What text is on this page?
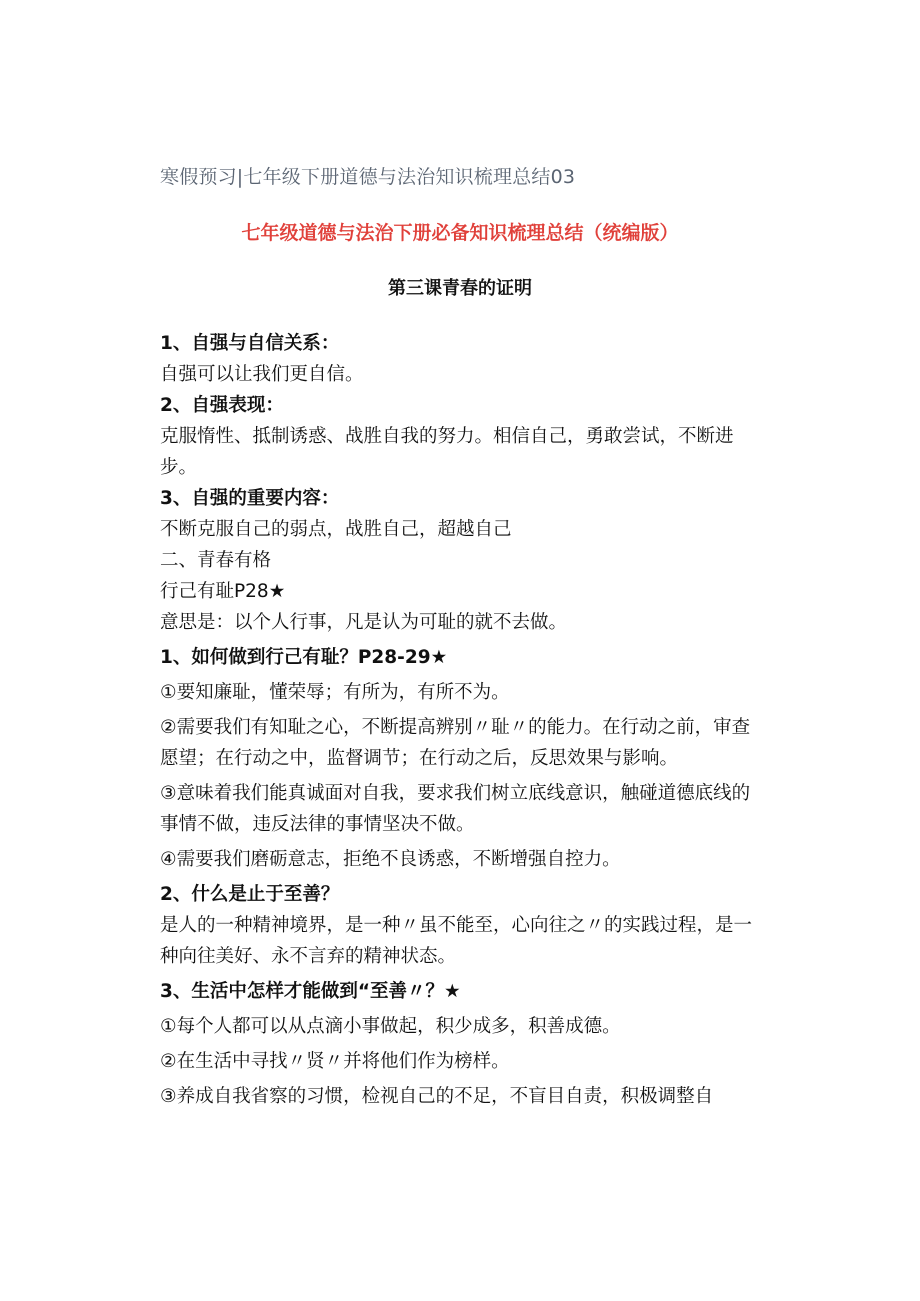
寒假预习|七年级下册道德与法治知识梳理总结03
七年级道德与法治下册必备知识梳理总结（统编版）
第三课青春的证明
1、自强与自信关系：
自强可以让我们更自信。
2、自强表现：
克服惰性、抵制诱惑、战胜自我的努力。相信自己，勇敢尝试，不断进步。
3、自强的重要内容：
不断克服自己的弱点，战胜自己，超越自己
二、青春有格
行己有耻P28★
意思是：以个人行事，凡是认为可耻的就不去做。
1、如何做到行己有耻？P28-29★
①要知廉耻，懂荣辱；有所为，有所不为。
②需要我们有知耻之心，不断提高辨别〃耻〃的能力。在行动之前，审查愿望；在行动之中，监督调节；在行动之后，反思效果与影响。
③意味着我们能真诚面对自我，要求我们树立底线意识，触碰道德底线的事情不做，违反法律的事情坚决不做。
④需要我们磨砺意志，拒绝不良诱惑，不断增强自控力。
2、什么是止于至善？
是人的一种精神境界，是一种〃虽不能至，心向往之〃的实践过程，是一种向往美好、永不言弃的精神状态。
3、生活中怎样才能做到“至善〃？★
①每个人都可以从点滴小事做起，积少成多，积善成德。
②在生活中寻找〃贤〃并将他们作为榜样。
③养成自我省察的习惯，检视自己的不足，不盲目自责，积极调整自
